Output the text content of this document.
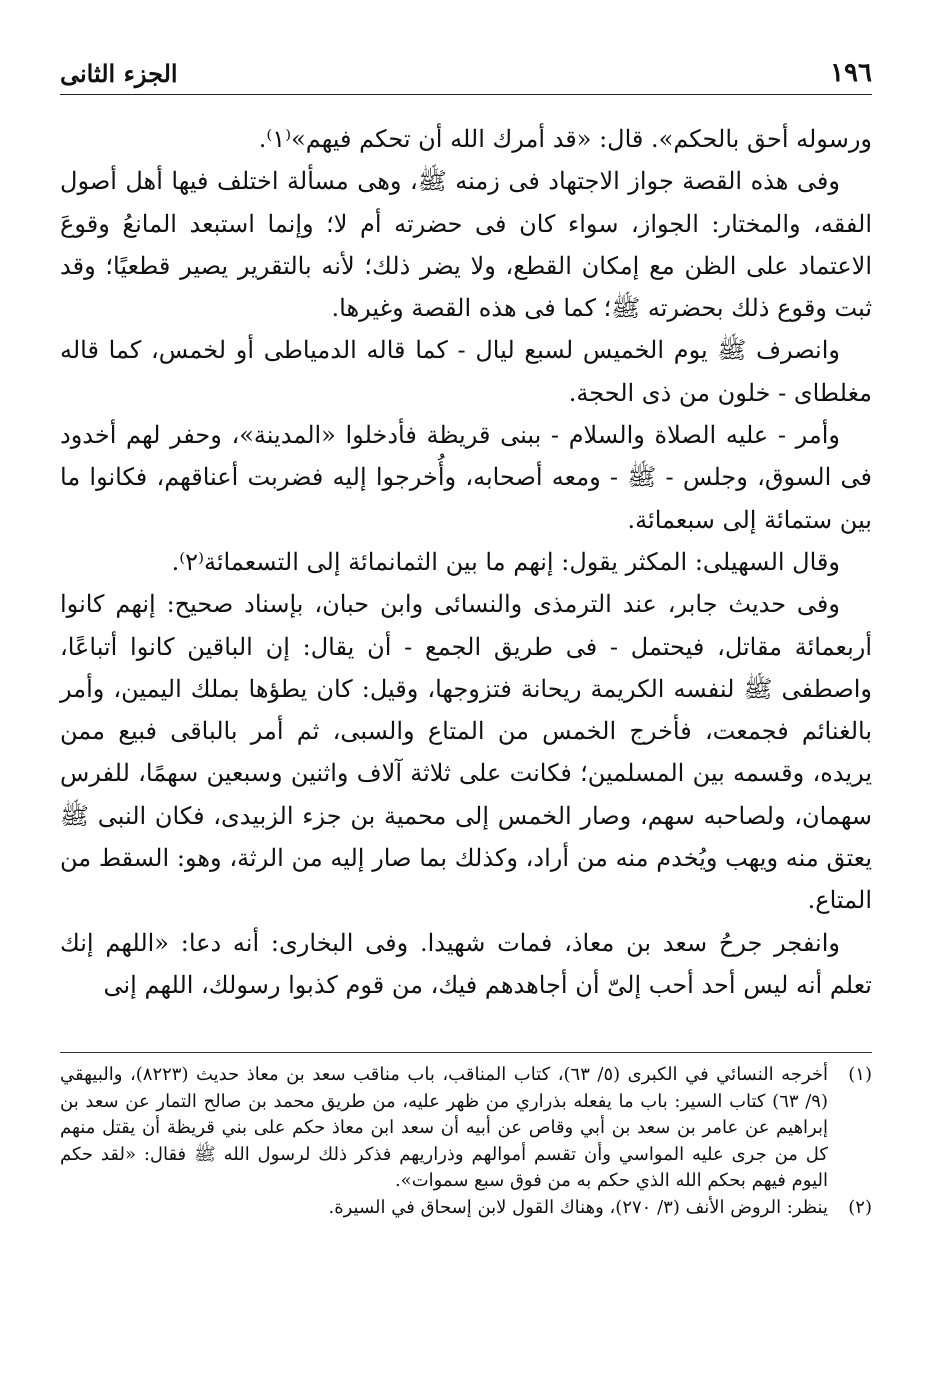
١٩٦
الجزء الثانى

ورسوله أحق بالحكم». قال: «قد أمرك الله أن تحكم فيهم»⁽١⁾.

وفى هذه القصة جواز الاجتهاد فى زمنه ﷺ، وهى مسألة اختلف فيها أهل أصول الفقه، والمختار: الجواز، سواء كان فى حضرته أم لا؛ وإنما استبعد المانعُ وقوعَ الاعتماد على الظن مع إمكان القطع، ولا يضر ذلك؛ لأنه بالتقرير يصير قطعيًا؛ وقد ثبت وقوع ذلك بحضرته ﷺ؛ كما فى هذه القصة وغيرها.

وانصرف ﷺ يوم الخميس لسبع ليال - كما قاله الدمياطى أو لخمس، كما قاله مغلطاى - خلون من ذى الحجة.

وأمر - عليه الصلاة والسلام - ببنى قريظة فأدخلوا «المدينة»، وحفر لهم أخدود فى السوق، وجلس - ﷺ - ومعه أصحابه، وأُخرجوا إليه فضربت أعناقهم، فكانوا ما بين ستمائة إلى سبعمائة.

وقال السهيلى: المكثر يقول: إنهم ما بين الثمانمائة إلى التسعمائة⁽٢⁾.

وفى حديث جابر، عند الترمذى والنسائى وابن حبان، بإسناد صحيح: إنهم كانوا أربعمائة مقاتل، فيحتمل - فى طريق الجمع - أن يقال: إن الباقين كانوا أتباعًا، واصطفى ﷺ لنفسه الكريمة ريحانة فتزوجها، وقيل: كان يطؤها بملك اليمين، وأمر بالغنائم فجمعت، فأخرج الخمس من المتاع والسبى، ثم أمر بالباقى فبيع ممن يريده، وقسمه بين المسلمين؛ فكانت على ثلاثة آلاف واثنين وسبعين سهمًا، للفرس سهمان، ولصاحبه سهم، وصار الخمس إلى محمية بن جزء الزبيدى، فكان النبى ﷺ يعتق منه ويهب ويُخدم منه من أراد، وكذلك بما صار إليه من الرثة، وهو: السقط من المتاع.

وانفجر جرحُ سعد بن معاذ، فمات شهيدا. وفى البخارى: أنه دعا: «اللهم إنك تعلم أنه ليس أحد أحب إلىّ أن أجاهدهم فيك، من قوم كذبوا رسولك، اللهم إنى

(١)
أخرجه النسائي في الكبرى (٥/ ٦٣)، كتاب المناقب، باب مناقب سعد بن معاذ حديث (٨٢٢٣)، والبيهقي (٩/ ٦٣) كتاب السير: باب ما يفعله بذراري من ظهر عليه، من طريق محمد بن صالح التمار عن سعد بن إبراهيم عن عامر بن سعد بن أبي وقاص عن أبيه أن سعد ابن معاذ حكم على بني قريظة أن يقتل منهم كل من جرى عليه المواسي وأن تقسم أموالهم وذراريهم فذكر ذلك لرسول الله ﷺ فقال: «لقد حكم اليوم فيهم بحكم الله الذي حكم به من فوق سبع سموات».
(٢)
ينظر: الروض الأنف (٣/ ٢٧٠)، وهناك القول لابن إسحاق في السيرة.
